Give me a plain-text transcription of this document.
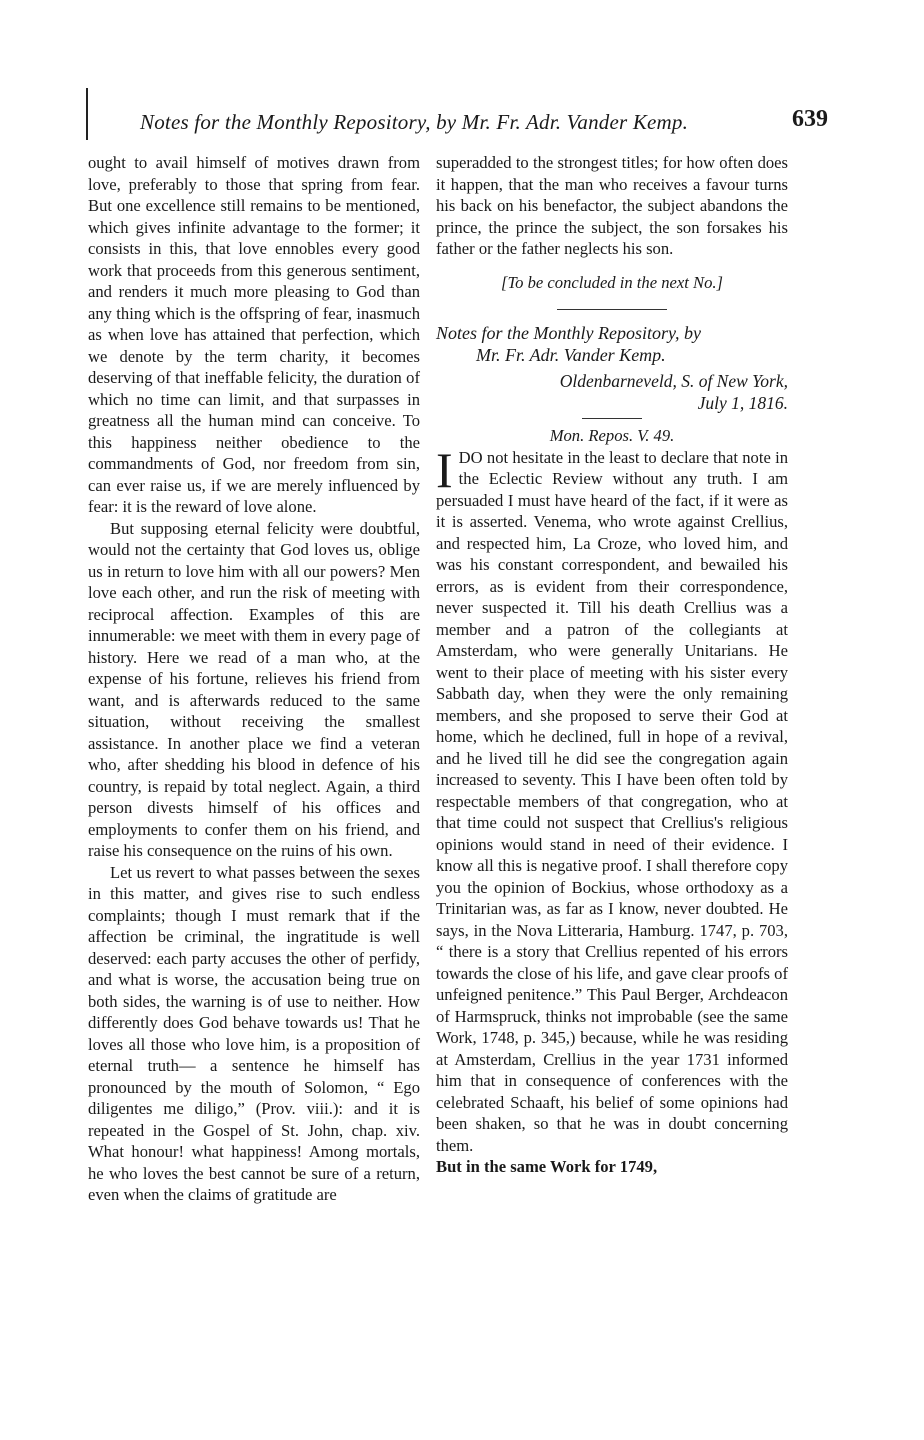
Notes for the Monthly Repository, by Mr. Fr. Adr. Vander Kemp.	639

ought to avail himself of motives drawn from love, preferably to those that spring from fear. But one excellence still remains to be mentioned, which gives infinite advantage to the former; it consists in this, that love ennobles every good work that proceeds from this generous sentiment, and renders it much more pleasing to God than any thing which is the offspring of fear, inasmuch as when love has attained that perfection, which we denote by the term charity, it becomes deserving of that ineffable felicity, the duration of which no time can limit, and that surpasses in greatness all the human mind can conceive. To this happiness neither obedience to the commandments of God, nor freedom from sin, can ever raise us, if we are merely influenced by fear: it is the reward of love alone.

But supposing eternal felicity were doubtful, would not the certainty that God loves us, oblige us in return to love him with all our powers? Men love each other, and run the risk of meeting with reciprocal affection. Examples of this are innumerable: we meet with them in every page of history. Here we read of a man who, at the expense of his fortune, relieves his friend from want, and is afterwards reduced to the same situation, without receiving the smallest assistance. In another place we find a veteran who, after shedding his blood in defence of his country, is repaid by total neglect. Again, a third person divests himself of his offices and employments to confer them on his friend, and raise his consequence on the ruins of his own.

Let us revert to what passes between the sexes in this matter, and gives rise to such endless complaints; though I must remark that if the affection be criminal, the ingratitude is well deserved: each party accuses the other of perfidy, and what is worse, the accusation being true on both sides, the warning is of use to neither. How differently does God behave towards us! That he loves all those who love him, is a proposition of eternal truth— a sentence he himself has pronounced by the mouth of Solomon, “ Ego diligentes me diligo,” (Prov. viii.): and it is repeated in the Gospel of St. John, chap. xiv. What honour! what happiness! Among mortals, he who loves the best cannot be sure of a return, even when the claims of gratitude are

superadded to the strongest titles; for how often does it happen, that the man who receives a favour turns his back on his benefactor, the subject abandons the prince, the prince the subject, the son forsakes his father or the father neglects his son.

[To be concluded in the next No.]

Notes for the Monthly Repository, by
Mr. Fr. Adr. Vander Kemp.
Oldenbarneveld, S. of New York,
July 1, 1816.
Mon. Repos. V. 49.

IDO not hesitate in the least to declare that note in the Eclectic Review without any truth. I am persuaded I must have heard of the fact, if it were as it is asserted. Venema, who wrote against Crellius, and respected him, La Croze, who loved him, and was his constant correspondent, and bewailed his errors, as is evident from their correspondence, never suspected it. Till his death Crellius was a member and a patron of the collegiants at Amsterdam, who were generally Unitarians. He went to their place of meeting with his sister every Sabbath day, when they were the only remaining members, and she proposed to serve their God at home, which he declined, full in hope of a revival, and he lived till he did see the congregation again increased to seventy. This I have been often told by respectable members of that congregation, who at that time could not suspect that Crellius's religious opinions would stand in need of their evidence. I know all this is negative proof. I shall therefore copy you the opinion of Bockius, whose orthodoxy as a Trinitarian was, as far as I know, never doubted. He says, in the Nova Litteraria, Hamburg. 1747, p. 703, “ there is a story that Crellius repented of his errors towards the close of his life, and gave clear proofs of unfeigned penitence.” This Paul Berger, Archdeacon of Harmspruck, thinks not improbable (see the same Work, 1748, p. 345,) because, while he was residing at Amsterdam, Crellius in the year 1731 informed him that in consequence of conferences with the celebrated Schaaft, his belief of some opinions had been shaken, so that he was in doubt concerning them.

But in the same Work for 1749,
